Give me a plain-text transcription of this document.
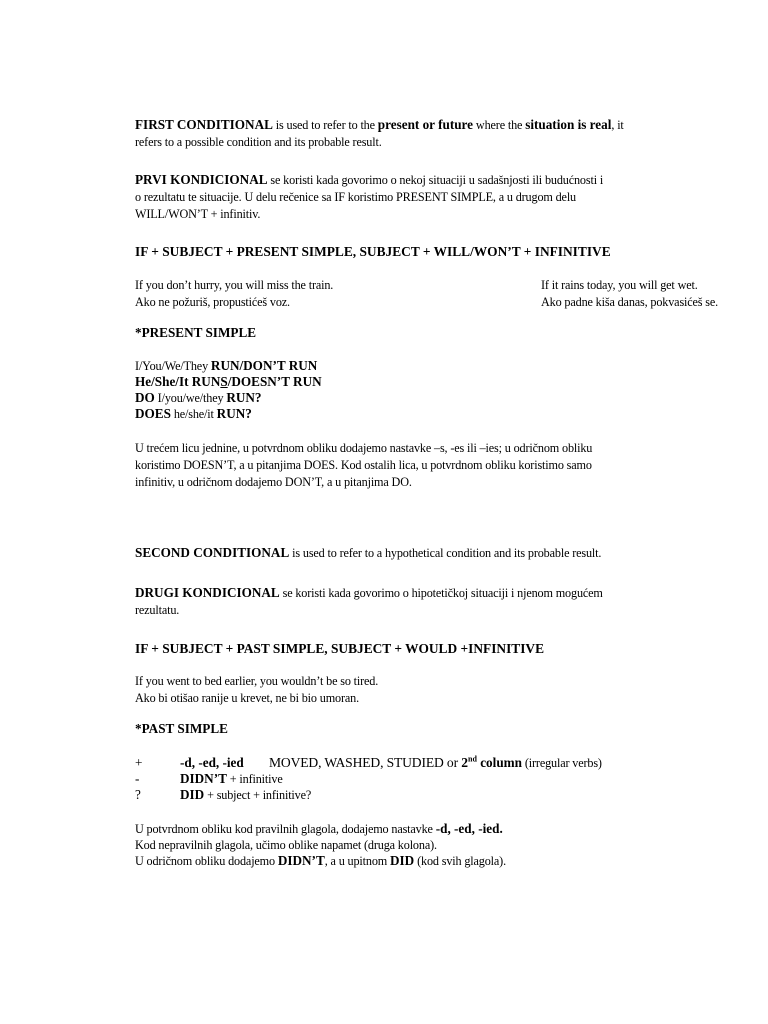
FIRST CONDITIONAL is used to refer to the present or future where the situation is real, it
refers to a possible condition and its probable result.
PRVI KONDICIONAL se koristi kada govorimo o nekoj situaciji u sadašnjosti ili budućnosti i
o rezultatu te situacije. U delu rečenice sa IF koristimo PRESENT SIMPLE, a u drugom delu
WILL/WON’T + infinitiv.
IF + SUBJECT + PRESENT SIMPLE, SUBJECT + WILL/WON’T + INFINITIVE
If you don’t hurry, you will miss the train.	If it rains today, you will get wet.
Ako ne požuriš, propustićeš voz.	Ako padne kiša danas, pokvasićeš se.
*PRESENT SIMPLE
I/You/We/They RUN/DON’T RUN
He/She/It RUNS/DOESN’T RUN
DO I/you/we/they RUN?
DOES he/she/it RUN?
U trećem licu jednine, u potvrdnom obliku dodajemo nastavke –s, -es ili –ies; u odričnom obliku
koristimo DOESN’T, a u pitanjima DOES. Kod ostalih lica, u potvrdnom obliku koristimo samo
infinitiv, u odričnom dodajemo DON’T, a u pitanjima DO.
SECOND CONDITIONAL is used to refer to a hypothetical condition and its probable result.
DRUGI KONDICIONAL se koristi kada govorimo o hipotetičkoj situaciji i njenom mogućem
rezultatu.
IF + SUBJECT + PAST SIMPLE, SUBJECT + WOULD +INFINITIVE
If you went to bed earlier, you wouldn’t be so tired.
Ako bi otišao ranije u krevet, ne bi bio umoran.
*PAST SIMPLE
+	-d, -ed, -ied MOVED, WASHED, STUDIED or 2nd column (irregular verbs)
-	DIDN’T + infinitive
?	DID + subject + infinitive?
U potvrdnom obliku kod pravilnih glagola, dodajemo nastavke -d, -ed, -ied.
Kod nepravilnih glagola, učimo oblike napamet (druga kolona).
U odričnom obliku dodajemo DIDN’T, a u upitnom DID (kod svih glagola).
